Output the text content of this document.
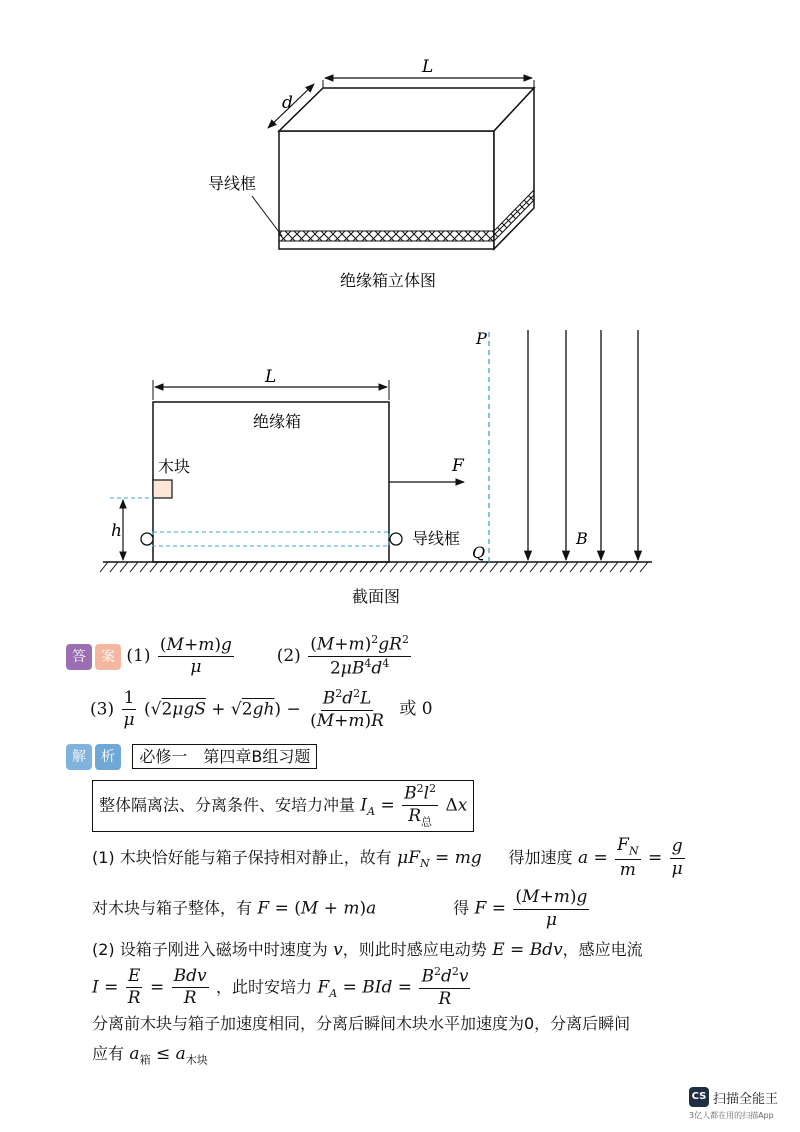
L
d
导线框
绝缘箱立体图
绝缘箱
L
木块
h	导线框
F
P
Q
B
截面图
答	案 $(1) \frac{(M+m)g}{\mu}$	$(2) \frac{(M+m)^2gR^2}{2\mu B^4d^4}$
$(3) \frac{1}{\mu} (√2\mu gS + √2gh) - \frac{B^2d^2L}{(M+m)R}$ 或 0
解	析	必修一　第四章B组习题
整体隔离法、分离条件、安培力冲量 $I_A = \frac{B^2l^2}{R_总}$ Δx
(1) 木块恰好能与箱子保持相对静止，故有 $\mu F_N$ = mg 得加速度 $a = \frac{F_N}{m} = \frac{g}{\mu}$
对木块与箱子整体，有 F = (M + m)a	得 $F = \frac{(M+m)g}{\mu}$
(2) 设箱子刚进入磁场中时速度为 v，则此时感应电动势 E = Bdv，感应电流
$I = \frac{E}{R} = \frac{\text{Bdv}}{R}$ ，此时安培力 $F_A$ = BId = $\frac{B^2d^2v}{R}$
分离前木块与箱子加速度相同，分离后瞬间木块水平加速度为0，分离后瞬间
应有 $a_箱 \le a_{木块}$
CS 扫描全能王
3亿人都在用的扫描App
